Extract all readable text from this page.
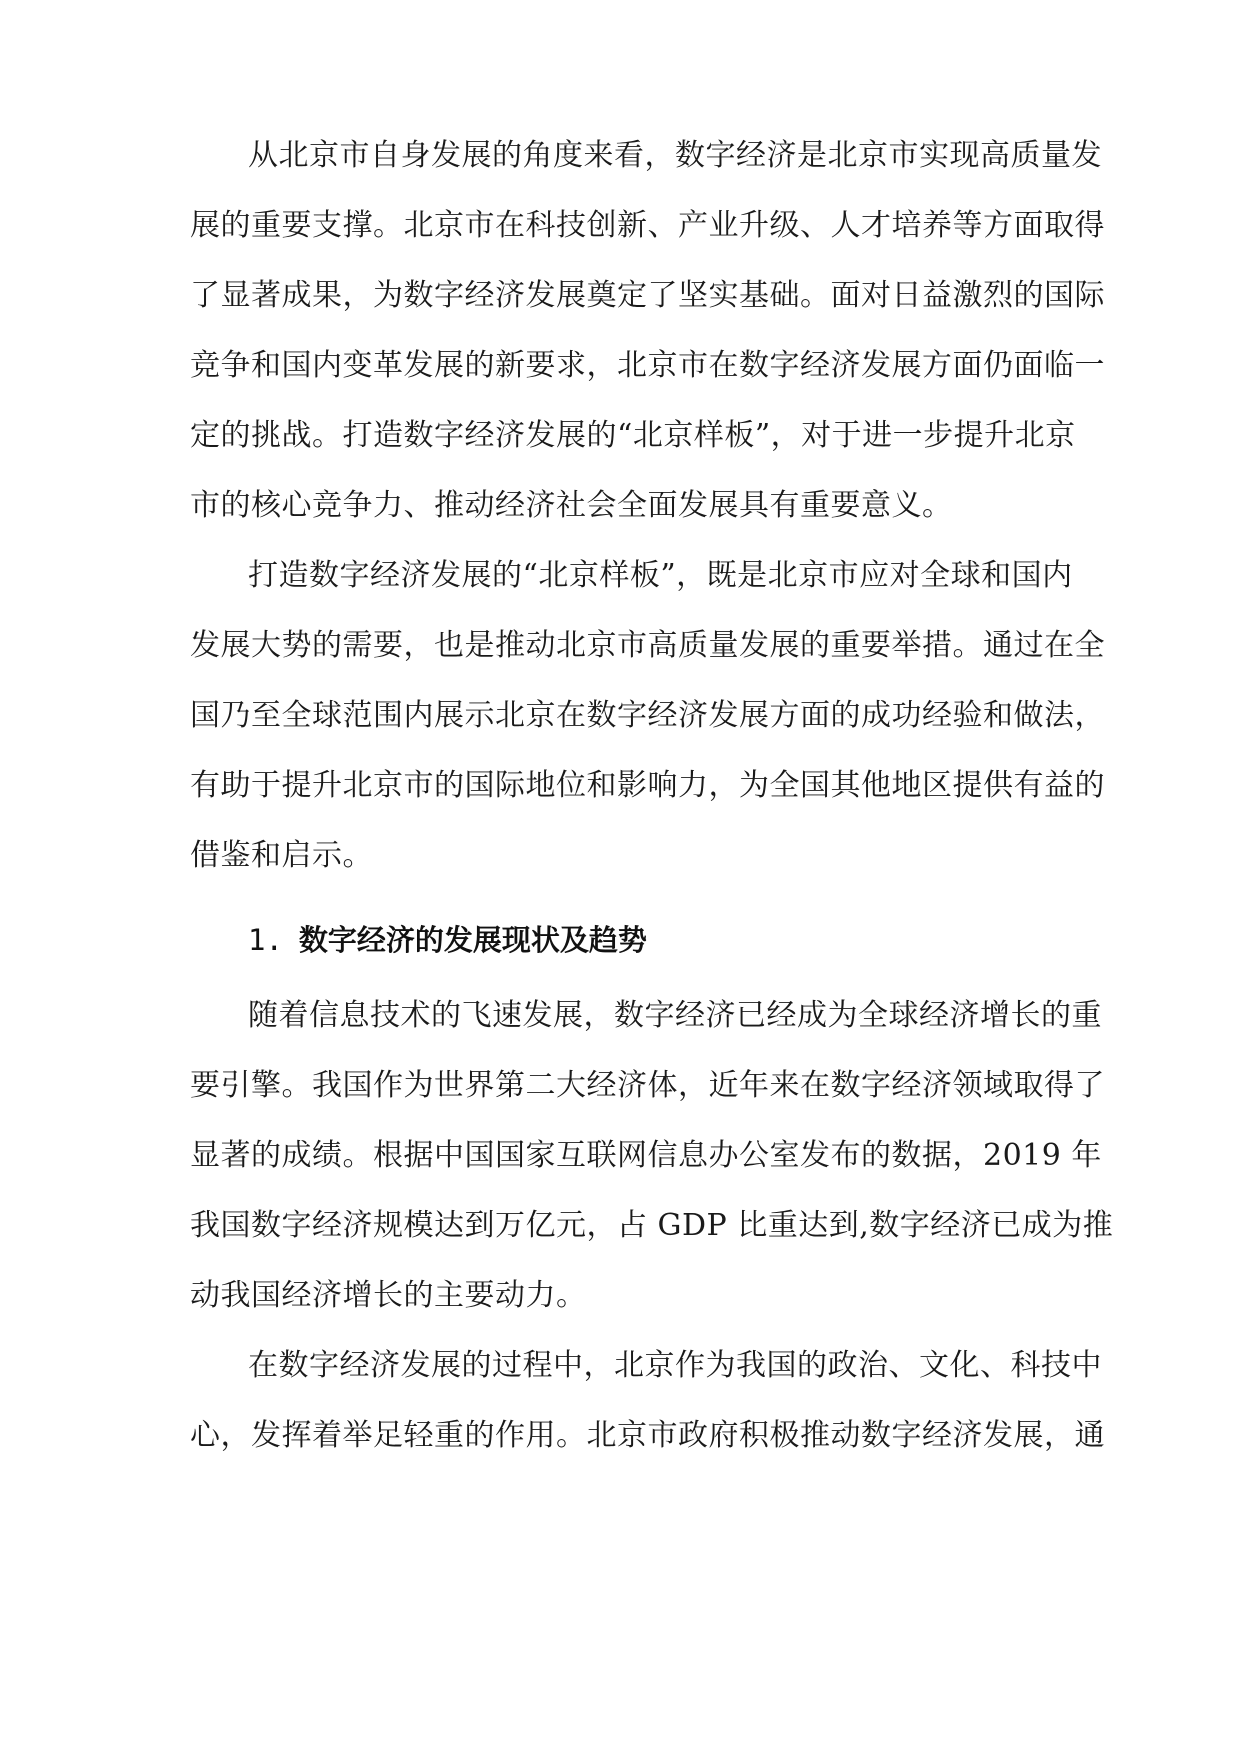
从北京市自身发展的角度来看，数字经济是北京市实现高质量发
展的重要支撑。北京市在科技创新、产业升级、人才培养等方面取得
了显著成果，为数字经济发展奠定了坚实基础。面对日益激烈的国际
竞争和国内变革发展的新要求，北京市在数字经济发展方面仍面临一
定的挑战。打造数字经济发展的“北京样板”，对于进一步提升北京
市的核心竞争力、推动经济社会全面发展具有重要意义。
打造数字经济发展的“北京样板”，既是北京市应对全球和国内
发展大势的需要，也是推动北京市高质量发展的重要举措。通过在全
国乃至全球范围内展示北京在数字经济发展方面的成功经验和做法，
有助于提升北京市的国际地位和影响力，为全国其他地区提供有益的
借鉴和启示。
1. 数字经济的发展现状及趋势
随着信息技术的飞速发展，数字经济已经成为全球经济增长的重
要引擎。我国作为世界第二大经济体，近年来在数字经济领域取得了
显著的成绩。根据中国国家互联网信息办公室发布的数据，2019 年
我国数字经济规模达到万亿元，占 GDP 比重达到,数字经济已成为推
动我国经济增长的主要动力。
在数字经济发展的过程中，北京作为我国的政治、文化、科技中
心，发挥着举足轻重的作用。北京市政府积极推动数字经济发展，通
